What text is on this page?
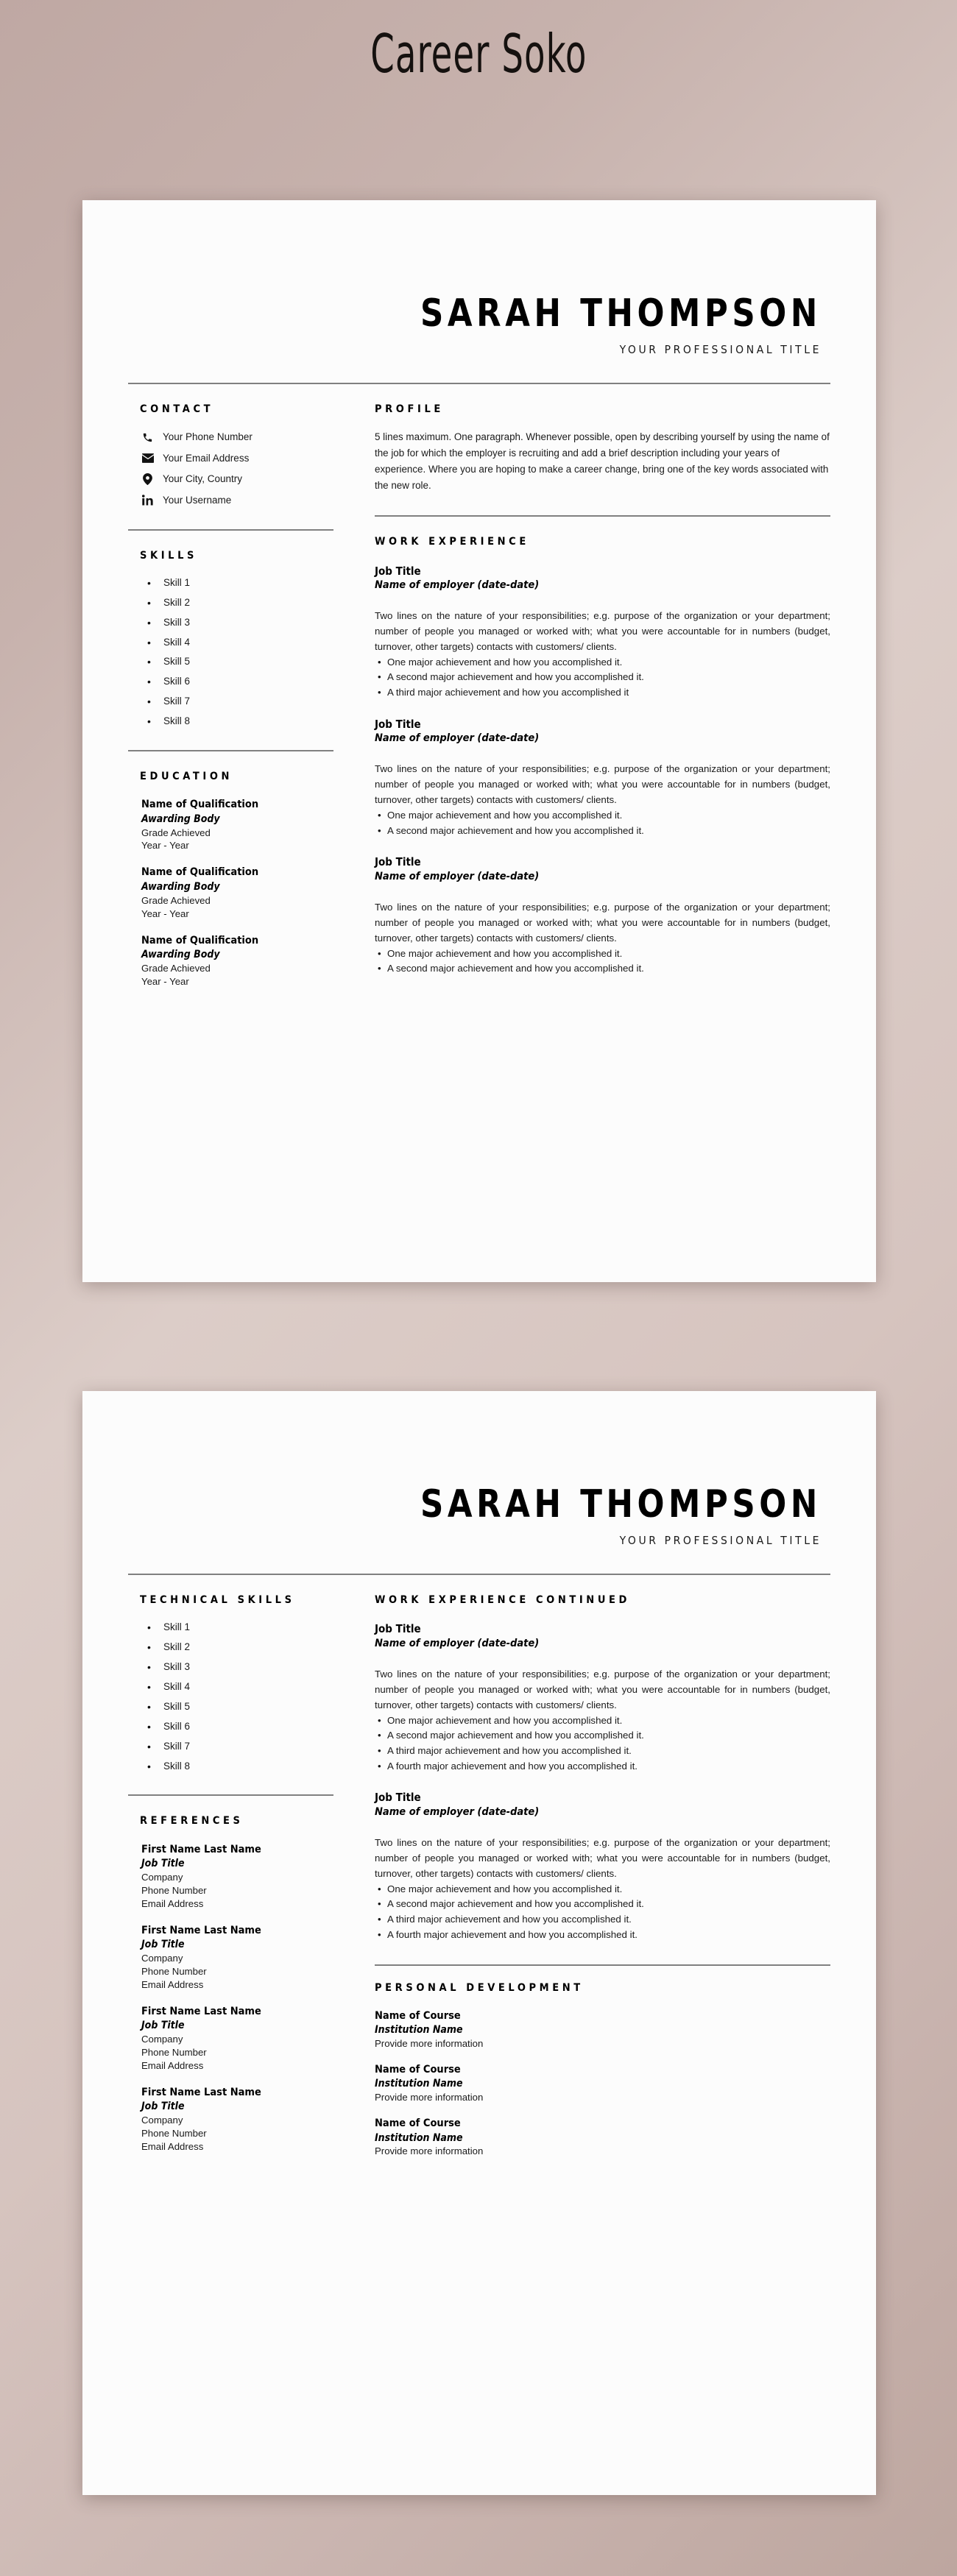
Career Soko
SARAH THOMPSON
YOUR PROFESSIONAL TITLE
CONTACT
Your Phone Number
Your Email Address
Your City, Country
Your Username
SKILLS
• Skill 1
• Skill 2
• Skill 3
• Skill 4
• Skill 5
• Skill 6
• Skill 7
• Skill 8
EDUCATION
Name of Qualification
Awarding Body
Grade Achieved
Year - Year
Name of Qualification
Awarding Body
Grade Achieved
Year - Year
Name of Qualification
Awarding Body
Grade Achieved
Year - Year
PROFILE

5 lines maximum. One paragraph. Whenever possible, open by describing yourself by using the name of the job for which the employer is recruiting and add a brief description including your years of experience. Where you are hoping to make a career change, bring one of the key words associated with the new role.

WORK EXPERIENCE
Job Title
Name of employer (date-date)

Two lines on the nature of your responsibilities; e.g. purpose of the organization or your department; number of people you managed or worked with; what you were accountable for in numbers (budget, turnover, other targets) contacts with customers/ clients.

• One major achievement and how you accomplished it.
• A second major achievement and how you accomplished it.
• A third major achievement and how you accomplished it
Job Title
Name of employer (date-date)

Two lines on the nature of your responsibilities; e.g. purpose of the organization or your department; number of people you managed or worked with; what you were accountable for in numbers (budget, turnover, other targets) contacts with customers/ clients.

• One major achievement and how you accomplished it.
• A second major achievement and how you accomplished it.
Job Title
Name of employer (date-date)

Two lines on the nature of your responsibilities; e.g. purpose of the organization or your department; number of people you managed or worked with; what you were accountable for in numbers (budget, turnover, other targets) contacts with customers/ clients.

• One major achievement and how you accomplished it.
• A second major achievement and how you accomplished it.
SARAH THOMPSON
YOUR PROFESSIONAL TITLE
TECHNICAL SKILLS
• Skill 1
• Skill 2
• Skill 3
• Skill 4
• Skill 5
• Skill 6
• Skill 7
• Skill 8
REFERENCES
First Name Last Name
Job Title
Company
Phone Number
Email Address
First Name Last Name
Job Title
Company
Phone Number
Email Address
First Name Last Name
Job Title
Company
Phone Number
Email Address
First Name Last Name
Job Title
Company
Phone Number
Email Address
WORK EXPERIENCE CONTINUED
Job Title
Name of employer (date-date)

Two lines on the nature of your responsibilities; e.g. purpose of the organization or your department; number of people you managed or worked with; what you were accountable for in numbers (budget, turnover, other targets) contacts with customers/ clients.

• One major achievement and how you accomplished it.
• A second major achievement and how you accomplished it.
• A third major achievement and how you accomplished it.
• A fourth major achievement and how you accomplished it.
Job Title
Name of employer (date-date)

Two lines on the nature of your responsibilities; e.g. purpose of the organization or your department; number of people you managed or worked with; what you were accountable for in numbers (budget, turnover, other targets) contacts with customers/ clients.

• One major achievement and how you accomplished it.
• A second major achievement and how you accomplished it.
• A third major achievement and how you accomplished it.
• A fourth major achievement and how you accomplished it.
PERSONAL DEVELOPMENT
Name of Course
Institution Name
Provide more information
Name of Course
Institution Name
Provide more information
Name of Course
Institution Name
Provide more information
